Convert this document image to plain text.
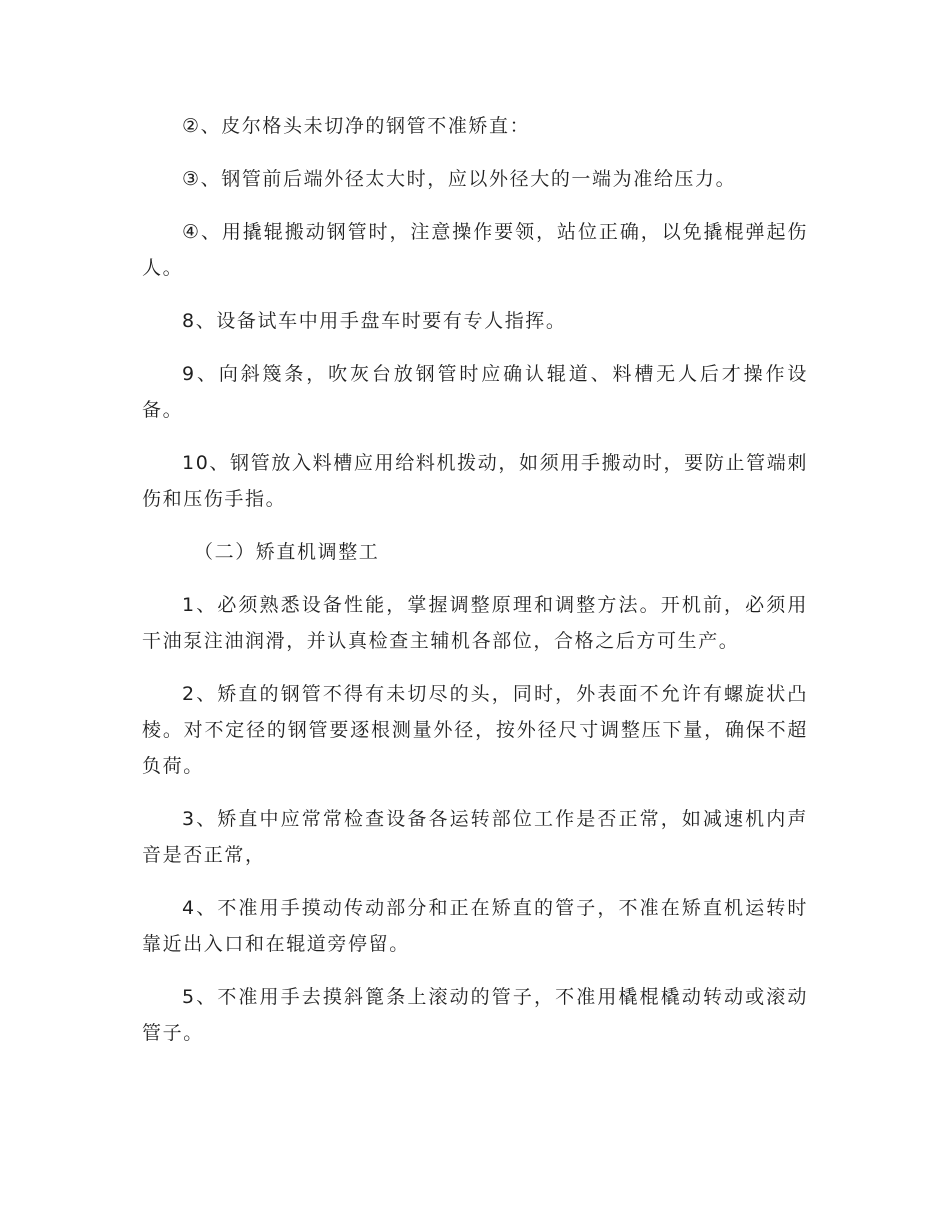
②、皮尔格头未切净的钢管不准矫直：

③、钢管前后端外径太大时，应以外径大的一端为准给压力。

④、用撬辊搬动钢管时，注意操作要领，站位正确，以免撬棍弹起伤人。

8、设备试车中用手盘车时要有专人指挥。

9、向斜篾条，吹灰台放钢管时应确认辊道、料槽无人后才操作设备。

10、钢管放入料槽应用给料机拨动，如须用手搬动时，要防止管端刺伤和压伤手指。

（二）矫直机调整工

1、必须熟悉设备性能，掌握调整原理和调整方法。开机前，必须用干油泵注油润滑，并认真检查主辅机各部位，合格之后方可生产。

2、矫直的钢管不得有未切尽的头，同时，外表面不允许有螺旋状凸棱。对不定径的钢管要逐根测量外径，按外径尺寸调整压下量，确保不超负荷。

3、矫直中应常常检查设备各运转部位工作是否正常，如减速机内声音是否正常，

4、不准用手摸动传动部分和正在矫直的管子，不准在矫直机运转时靠近出入口和在辊道旁停留。

5、不准用手去摸斜篦条上滚动的管子，不准用橇棍橇动转动或滚动管子。
